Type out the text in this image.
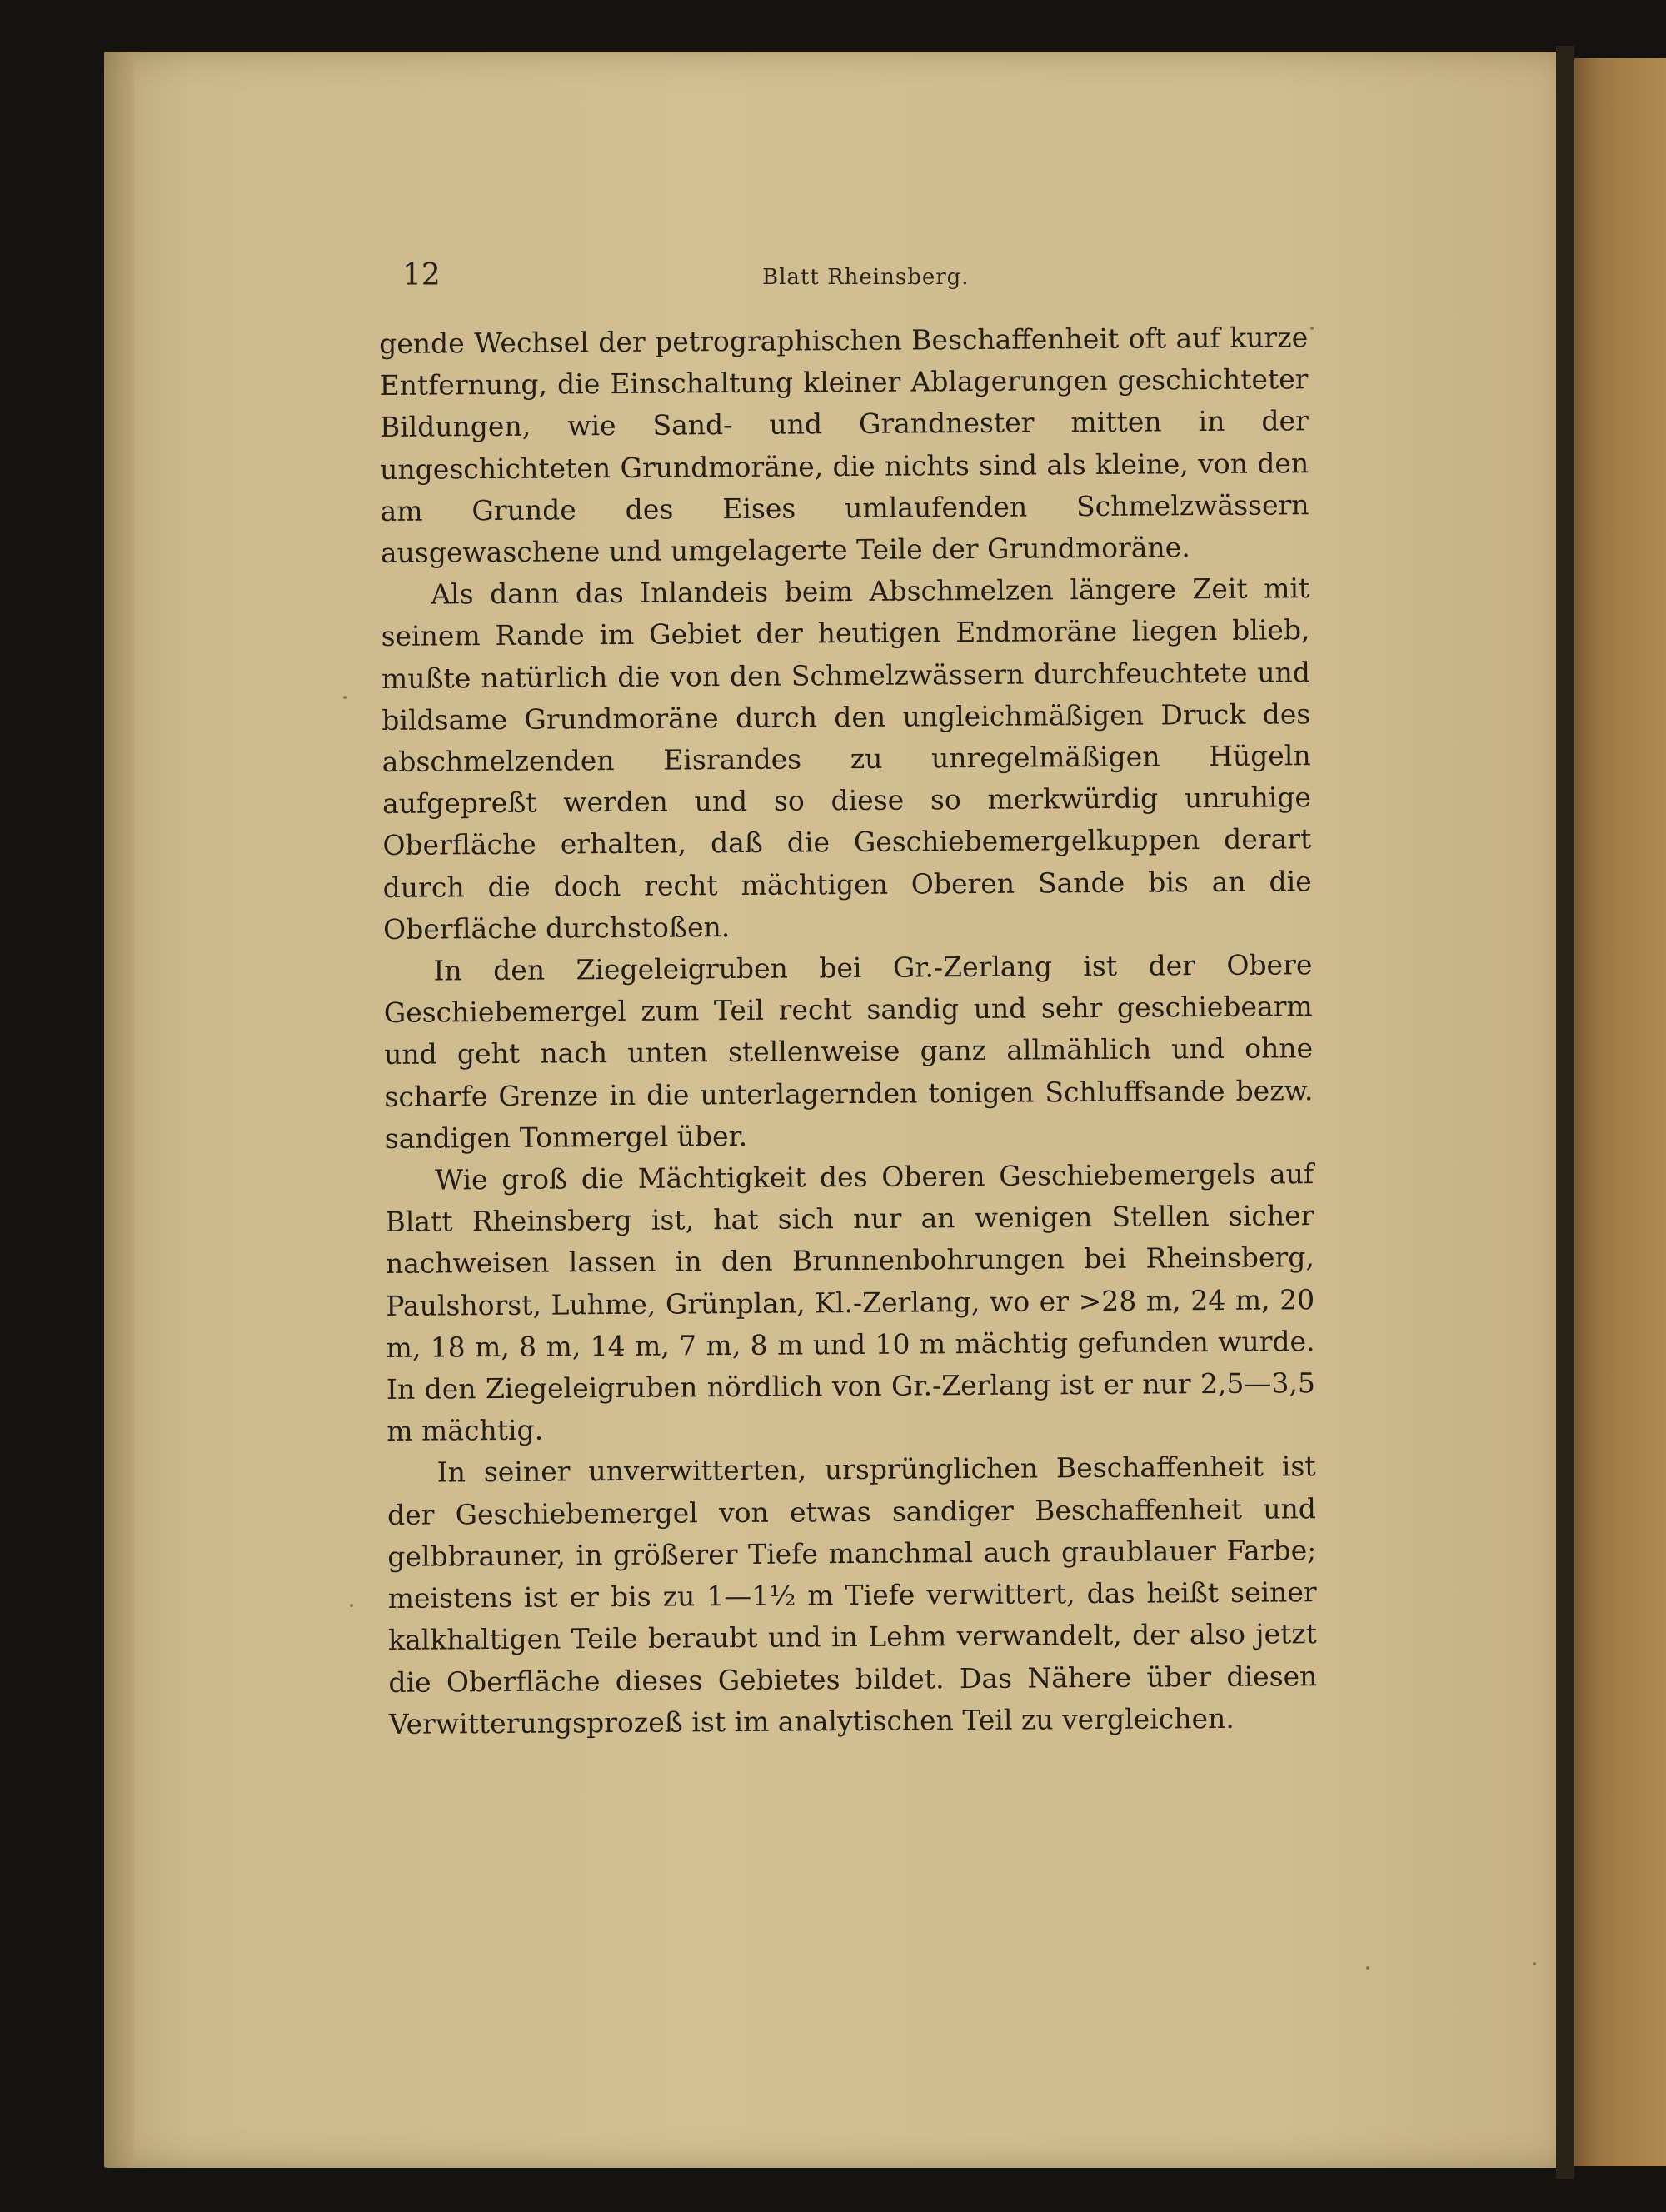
12	Blatt Rheinsberg.

gende Wechsel der petrographischen Beschaffenheit oft auf kurze Entfernung, die Einschaltung kleiner Ablagerungen geschichteter Bildungen, wie Sand- und Grandnester mitten in der ungeschichteten Grundmoräne, die nichts sind als kleine, von den am Grunde des Eises umlaufenden Schmelzwässern ausgewaschene und umgelagerte Teile der Grundmoräne.

Als dann das Inlandeis beim Abschmelzen längere Zeit mit seinem Rande im Gebiet der heutigen Endmoräne liegen blieb, mußte natürlich die von den Schmelzwässern durchfeuchtete und bildsame Grundmoräne durch den ungleichmäßigen Druck des abschmelzenden Eisrandes zu unregelmäßigen Hügeln aufgepreßt werden und so diese so merkwürdig unruhige Oberfläche erhalten, daß die Geschiebemergelkuppen derart durch die doch recht mächtigen Oberen Sande bis an die Oberfläche durchstoßen.

In den Ziegeleigruben bei Gr.-Zerlang ist der Obere Geschiebemergel zum Teil recht sandig und sehr geschiebearm und geht nach unten stellenweise ganz allmählich und ohne scharfe Grenze in die unterlagernden tonigen Schluffsande bezw. sandigen Tonmergel über.

Wie groß die Mächtigkeit des Oberen Geschiebemergels auf Blatt Rheinsberg ist, hat sich nur an wenigen Stellen sicher nachweisen lassen in den Brunnenbohrungen bei Rheinsberg, Paulshorst, Luhme, Grünplan, Kl.-Zerlang, wo er >28 m, 24 m, 20 m, 18 m, 8 m, 14 m, 7 m, 8 m und 10 m mächtig gefunden wurde. In den Ziegeleigruben nördlich von Gr.-Zerlang ist er nur 2,5—3,5 m mächtig.

In seiner unverwitterten, ursprünglichen Beschaffenheit ist der Geschiebemergel von etwas sandiger Beschaffenheit und gelbbrauner, in größerer Tiefe manchmal auch graublauer Farbe; meistens ist er bis zu 1—1½ m Tiefe verwittert, das heißt seiner kalkhaltigen Teile beraubt und in Lehm verwandelt, der also jetzt die Oberfläche dieses Gebietes bildet. Das Nähere über diesen Verwitterungsprozeß ist im analytischen Teil zu vergleichen.
